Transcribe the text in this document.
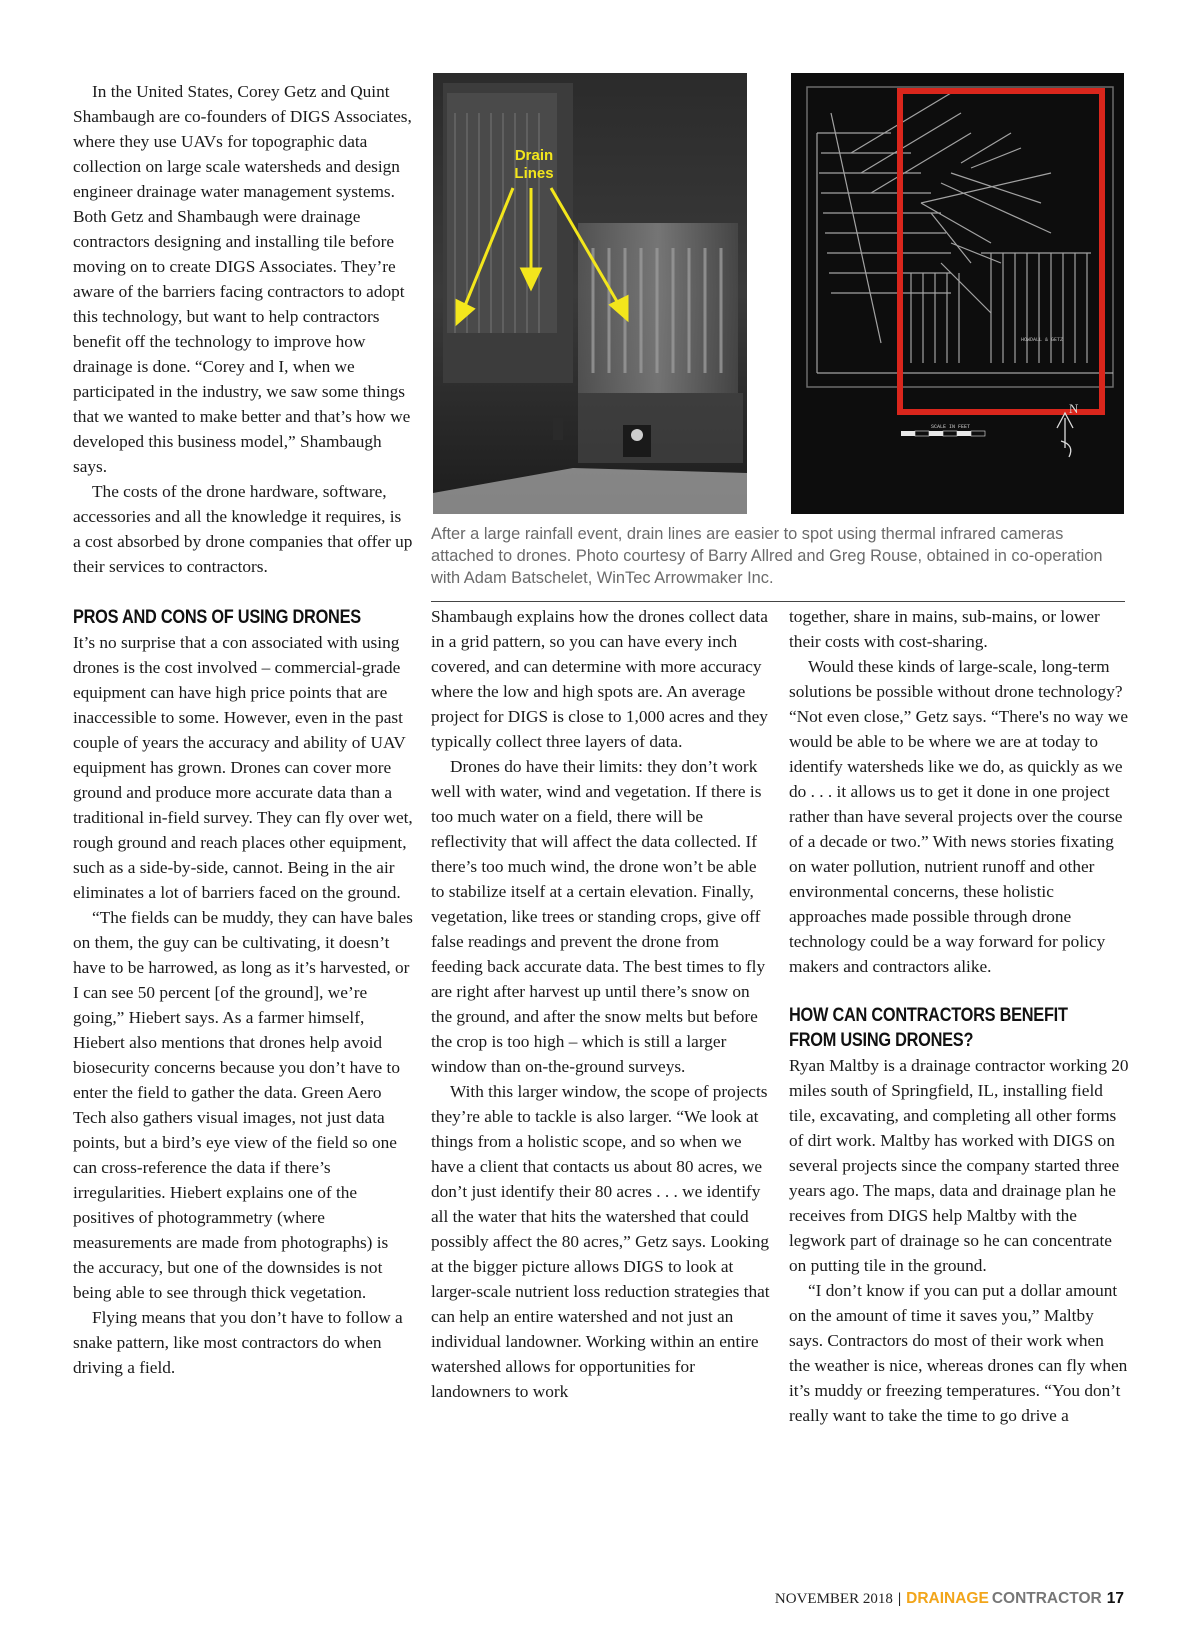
In the United States, Corey Getz and Quint Shambaugh are co-founders of DIGS Associates, where they use UAVs for topographic data collection on large scale watersheds and design engineer drainage water management systems. Both Getz and Shambaugh were drainage contractors designing and installing tile before moving on to create DIGS Associates. They’re aware of the barriers facing contractors to adopt this technology, but want to help contractors benefit off the technology to improve how drainage is done. “Corey and I, when we participated in the industry, we saw some things that we wanted to make better and that’s how we developed this business model,” Shambaugh says.

The costs of the drone hardware, software, accessories and all the knowledge it requires, is a cost absorbed by drone companies that offer up their services to contractors.

PROS AND CONS OF USING DRONES

It’s no surprise that a con associated with using drones is the cost involved – commercial-grade equipment can have high price points that are inaccessible to some. However, even in the past couple of years the accuracy and ability of UAV equipment has grown. Drones can cover more ground and produce more accurate data than a traditional in-field survey. They can fly over wet, rough ground and reach places other equipment, such as a side-by-side, cannot. Being in the air eliminates a lot of barriers faced on the ground.

“The fields can be muddy, they can have bales on them, the guy can be cultivating, it doesn’t have to be harrowed, as long as it’s harvested, or I can see 50 percent [of the ground], we’re going,” Hiebert says. As a farmer himself, Hiebert also mentions that drones help avoid biosecurity concerns because you don’t have to enter the field to gather the data. Green Aero Tech also gathers visual images, not just data points, but a bird’s eye view of the field so one can cross-reference the data if there’s irregularities. Hiebert explains one of the positives of photogrammetry (where measurements are made from photographs) is the accuracy, but one of the downsides is not being able to see through thick vegetation.

Flying means that you don’t have to follow a snake pattern, like most contractors do when driving a field.

Drain Lines
HOWDALL & GETZ
SCALE IN FEET
N
After a large rainfall event, drain lines are easier to spot using thermal infrared cameras attached to drones. Photo courtesy of Barry Allred and Greg Rouse, obtained in co-operation with Adam Batschelet, WinTec Arrowmaker Inc.

Shambaugh explains how the drones collect data in a grid pattern, so you can have every inch covered, and can determine with more accuracy where the low and high spots are. An average project for DIGS is close to 1,000 acres and they typically collect three layers of data.

Drones do have their limits: they don’t work well with water, wind and vegetation. If there is too much water on a field, there will be reflectivity that will affect the data collected. If there’s too much wind, the drone won’t be able to stabilize itself at a certain elevation. Finally, vegetation, like trees or standing crops, give off false readings and prevent the drone from feeding back accurate data. The best times to fly are right after harvest up until there’s snow on the ground, and after the snow melts but before the crop is too high – which is still a larger window than on-the-ground surveys.

With this larger window, the scope of projects they’re able to tackle is also larger. “We look at things from a holistic scope, and so when we have a client that contacts us about 80 acres, we don’t just identify their 80 acres . . . we identify all the water that hits the watershed that could possibly affect the 80 acres,” Getz says. Looking at the bigger picture allows DIGS to look at larger-scale nutrient loss reduction strategies that can help an entire watershed and not just an individual landowner. Working within an entire watershed allows for opportunities for landowners to work

together, share in mains, sub-mains, or lower their costs with cost-sharing.

Would these kinds of large-scale, long-term solutions be possible without drone technology? “Not even close,” Getz says. “There's no way we would be able to be where we are at today to identify watersheds like we do, as quickly as we do . . . it allows us to get it done in one project rather than have several projects over the course of a decade or two.” With news stories fixating on water pollution, nutrient runoff and other environmental concerns, these holistic approaches made possible through drone technology could be a way forward for policy makers and contractors alike.

HOW CAN CONTRACTORS BENEFIT FROM USING DRONES?

Ryan Maltby is a drainage contractor working 20 miles south of Springfield, IL, installing field tile, excavating, and completing all other forms of dirt work. Maltby has worked with DIGS on several projects since the company started three years ago. The maps, data and drainage plan he receives from DIGS help Maltby with the legwork part of drainage so he can concentrate on putting tile in the ground.

“I don’t know if you can put a dollar amount on the amount of time it saves you,” Maltby says. Contractors do most of their work when the weather is nice, whereas drones can fly when it’s muddy or freezing temperatures. “You don’t really want to take the time to go drive a

NOVEMBER 2018 | DRAINAGE CONTRACTOR 17
